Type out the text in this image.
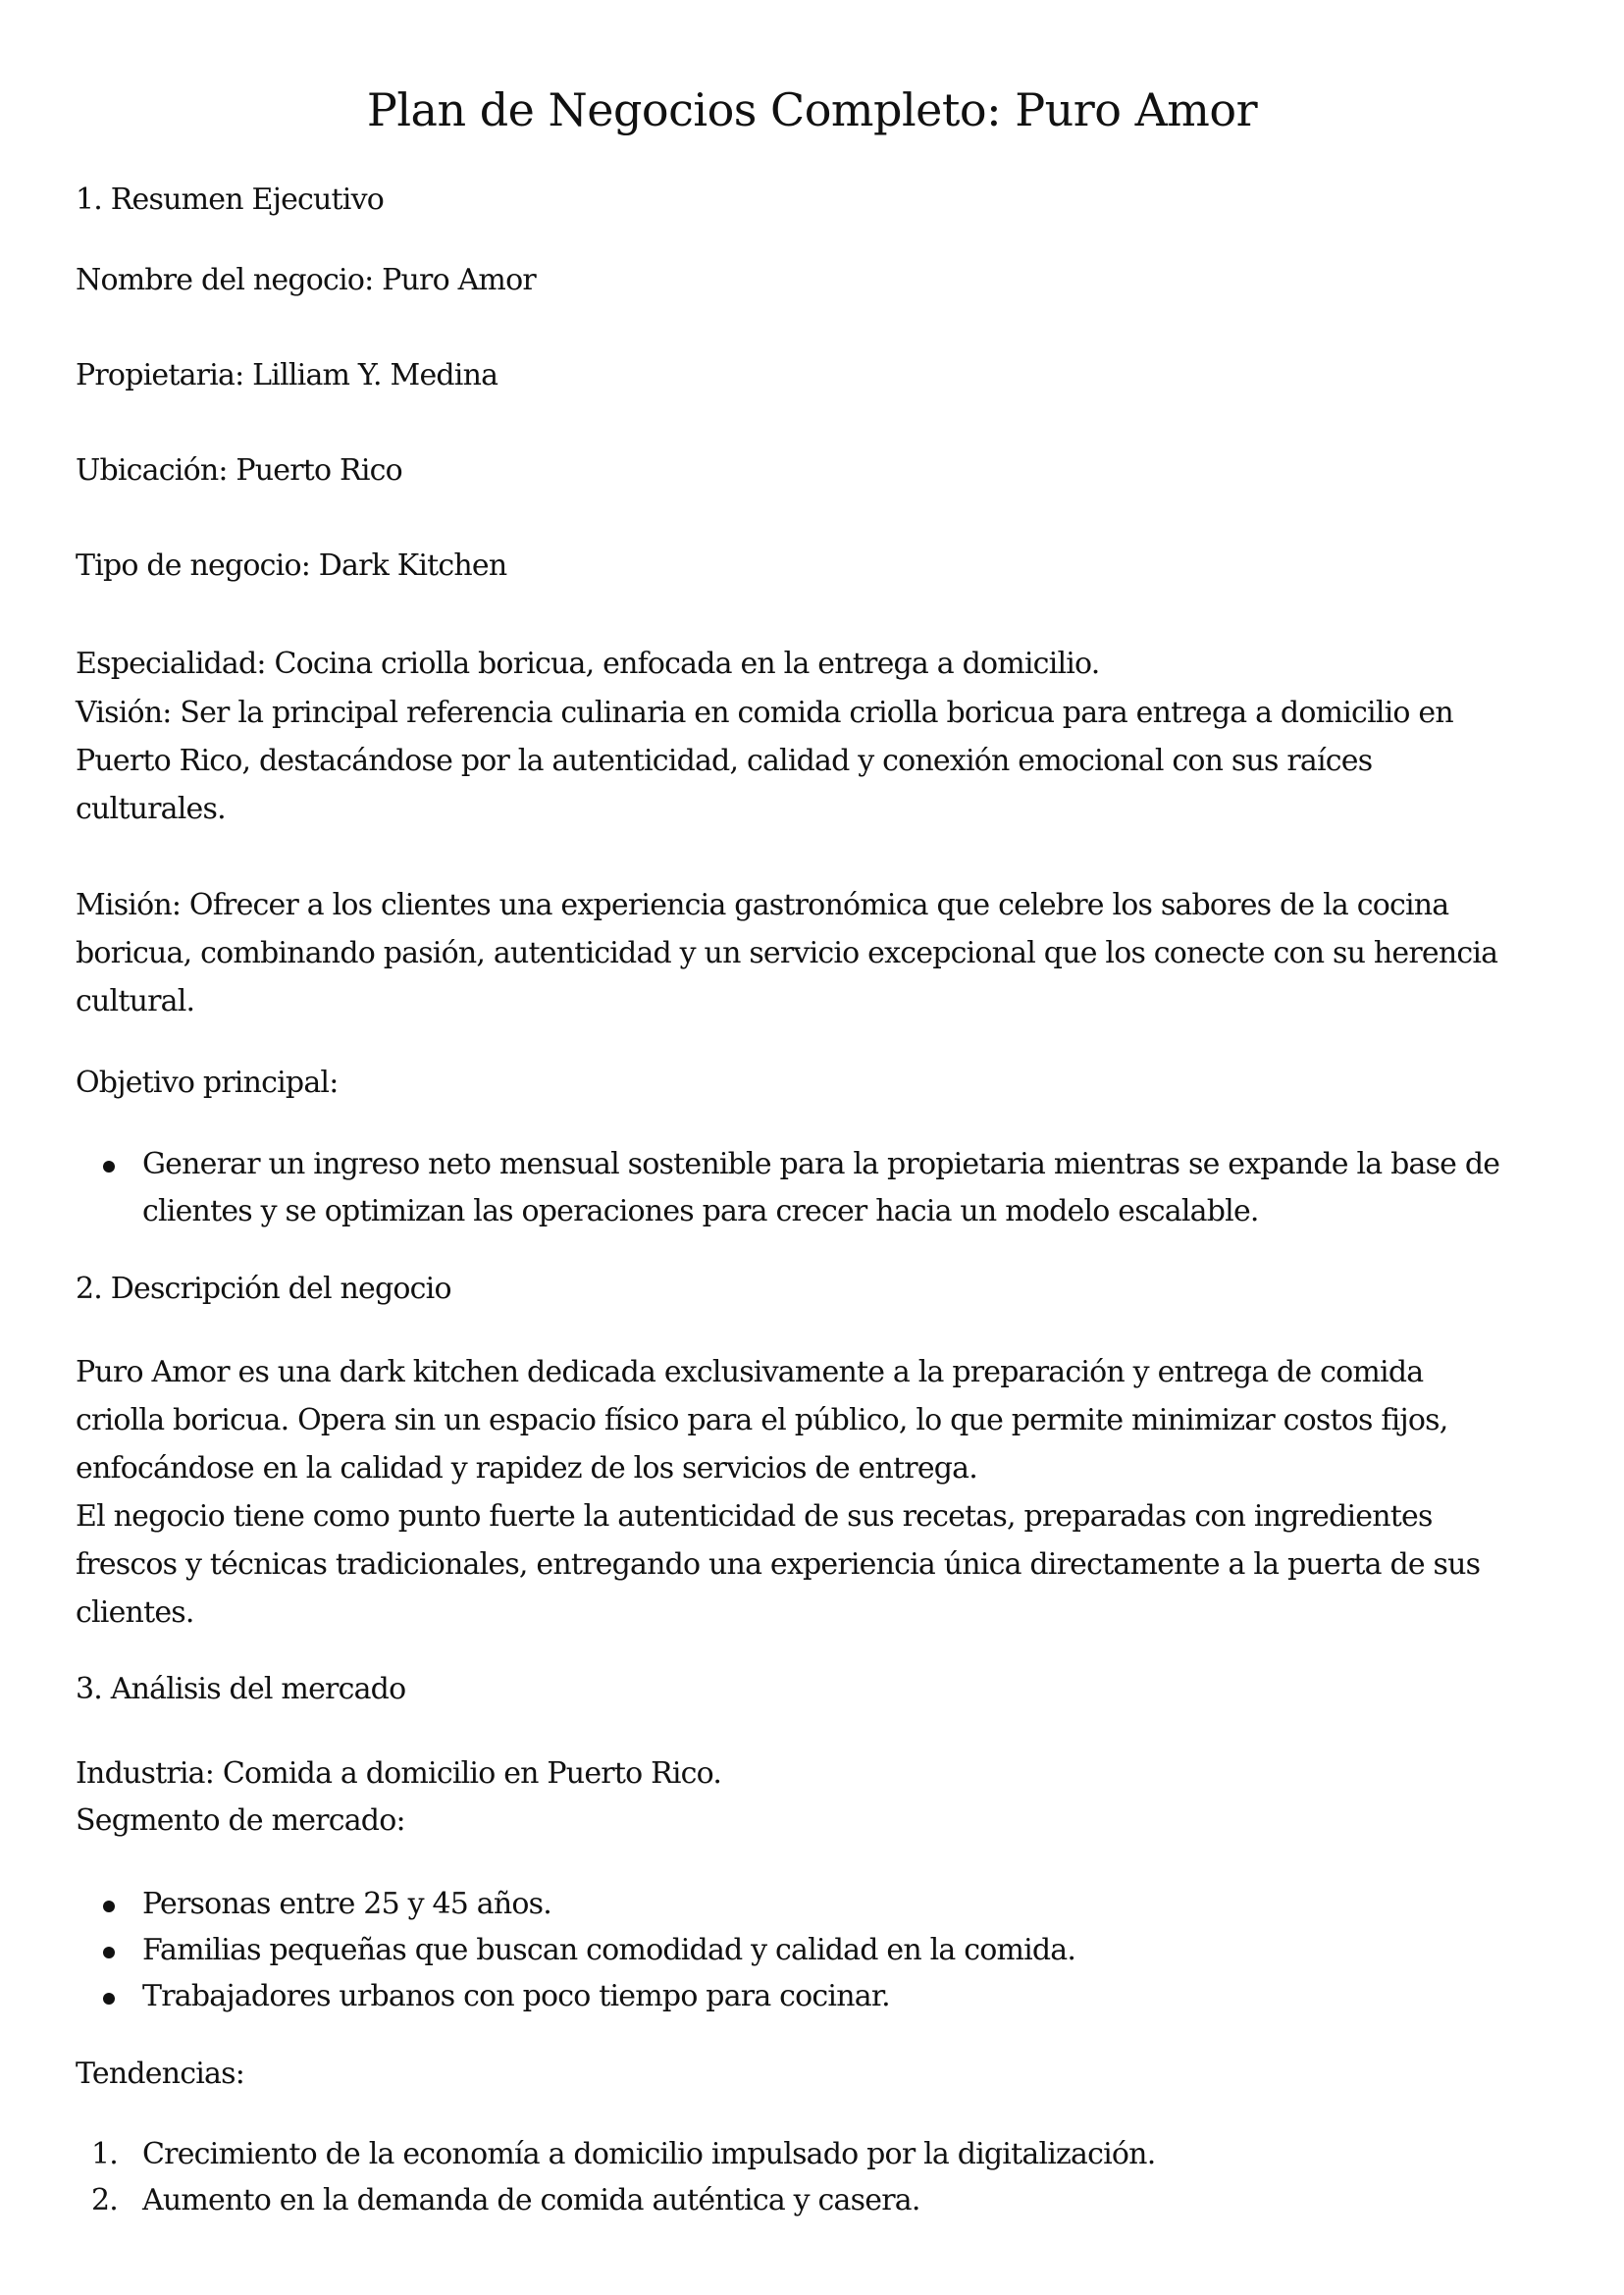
Plan de Negocios Completo: Puro Amor
1. Resumen Ejecutivo
Nombre del negocio: Puro Amor
Propietaria: Lilliam Y. Medina
Ubicación: Puerto Rico
Tipo de negocio: Dark Kitchen
Especialidad: Cocina criolla boricua, enfocada en la entrega a domicilio.
Visión: Ser la principal referencia culinaria en comida criolla boricua para entrega a domicilio en
Puerto Rico, destacándose por la autenticidad, calidad y conexión emocional con sus raíces
culturales.
Misión: Ofrecer a los clientes una experiencia gastronómica que celebre los sabores de la cocina
boricua, combinando pasión, autenticidad y un servicio excepcional que los conecte con su herencia
cultural.
Objetivo principal:
Generar un ingreso neto mensual sostenible para la propietaria mientras se expande la base de
clientes y se optimizan las operaciones para crecer hacia un modelo escalable.
2. Descripción del negocio
Puro Amor es una dark kitchen dedicada exclusivamente a la preparación y entrega de comida
criolla boricua. Opera sin un espacio físico para el público, lo que permite minimizar costos fijos,
enfocándose en la calidad y rapidez de los servicios de entrega.
El negocio tiene como punto fuerte la autenticidad de sus recetas, preparadas con ingredientes
frescos y técnicas tradicionales, entregando una experiencia única directamente a la puerta de sus
clientes.
3. Análisis del mercado
Industria: Comida a domicilio en Puerto Rico.
Segmento de mercado:
Personas entre 25 y 45 años.
Familias pequeñas que buscan comodidad y calidad en la comida.
Trabajadores urbanos con poco tiempo para cocinar.
Tendencias:
1. Crecimiento de la economía a domicilio impulsado por la digitalización.
2. Aumento en la demanda de comida auténtica y casera.
